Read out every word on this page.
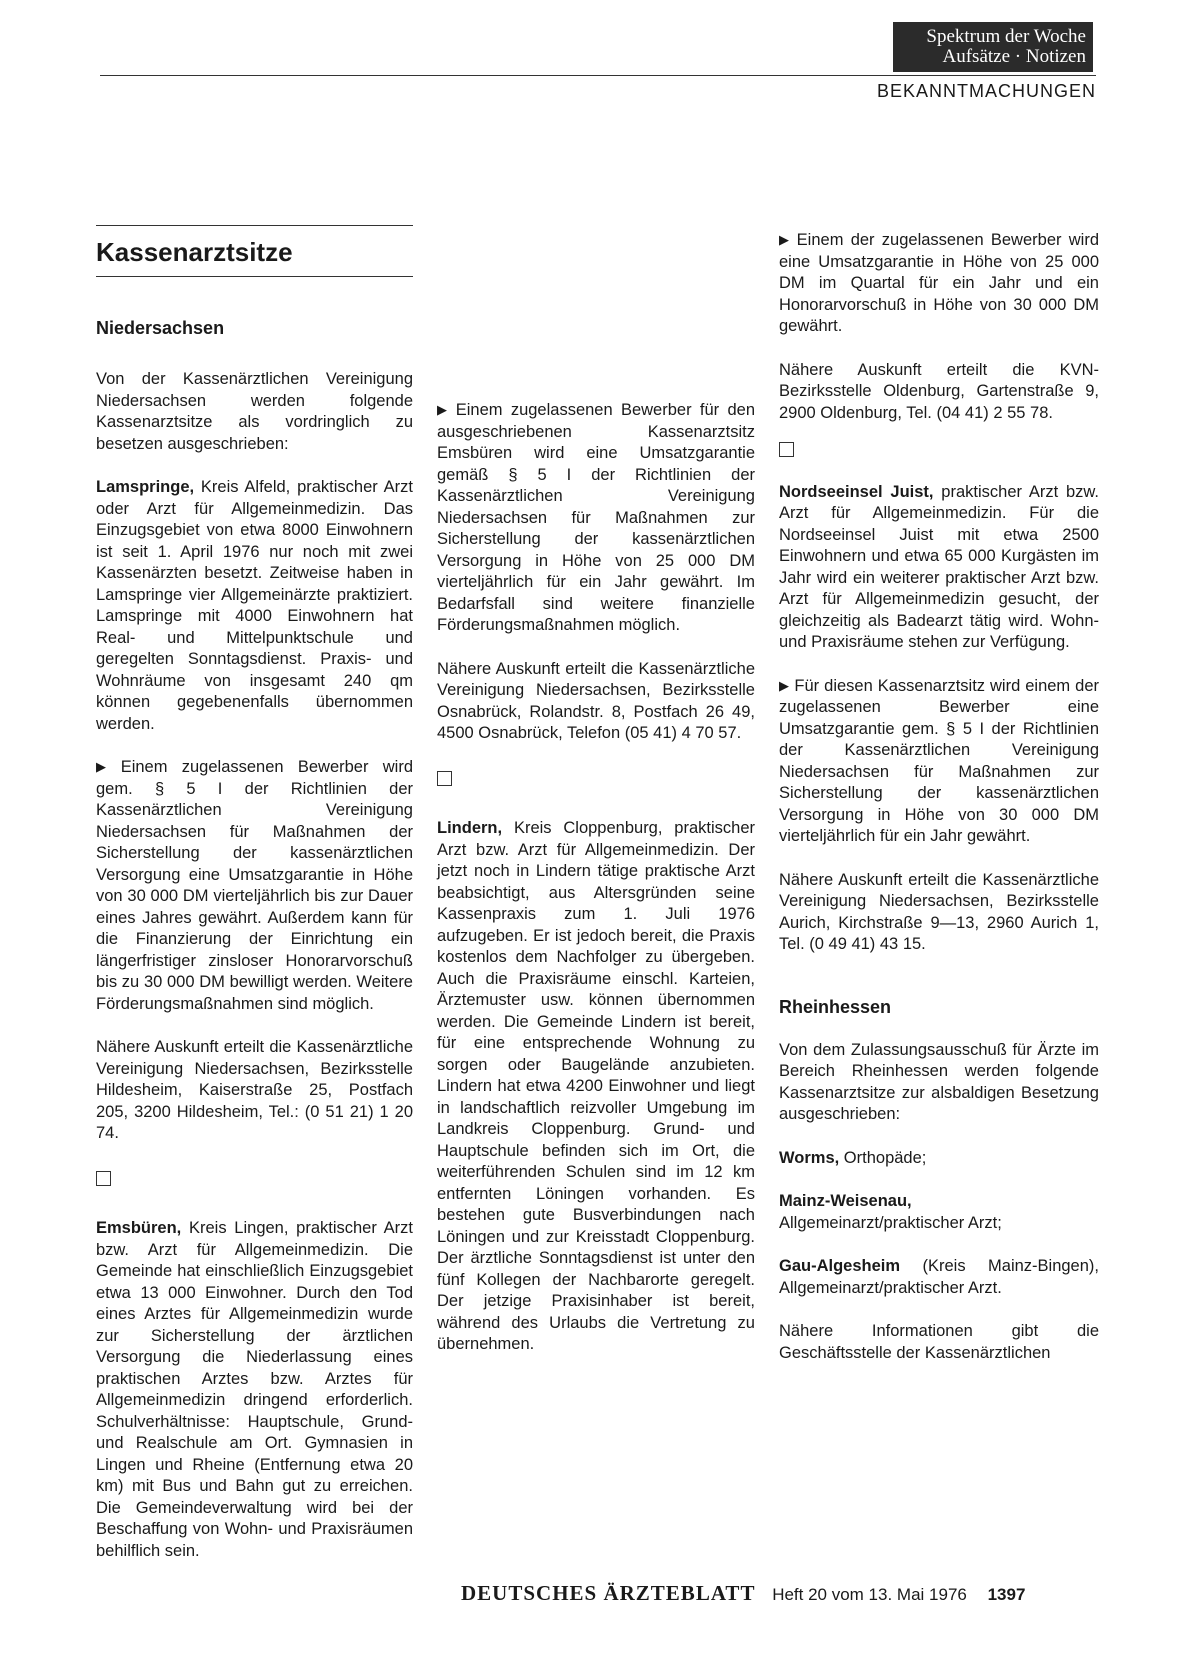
Spektrum der Woche
Aufsätze · Notizen
BEKANNTMACHUNGEN
Kassenarztsitze
Niedersachsen

Von der Kassenärztlichen Vereinigung Niedersachsen werden folgende Kassenarztsitze als vordringlich zu besetzen ausgeschrieben:

Lamspringe, Kreis Alfeld, praktischer Arzt oder Arzt für Allgemeinmedizin. Das Einzugsgebiet von etwa 8000 Einwohnern ist seit 1. April 1976 nur noch mit zwei Kassenärzten besetzt. Zeitweise haben in Lamspringe vier Allgemeinärzte praktiziert. Lamspringe mit 4000 Einwohnern hat Real- und Mittelpunktschule und geregelten Sonntagsdienst. Praxis- und Wohnräume von insgesamt 240 qm können gegebenenfalls übernommen werden.

▶ Einem zugelassenen Bewerber wird gem. § 5 I der Richtlinien der Kassenärztlichen Vereinigung Niedersachsen für Maßnahmen der Sicherstellung der kassenärztlichen Versorgung eine Umsatzgarantie in Höhe von 30 000 DM vierteljährlich bis zur Dauer eines Jahres gewährt. Außerdem kann für die Finanzierung der Einrichtung ein längerfristiger zinsloser Honorarvorschuß bis zu 30 000 DM bewilligt werden. Weitere Förderungsmaßnahmen sind möglich.

Nähere Auskunft erteilt die Kassenärztliche Vereinigung Niedersachsen, Bezirksstelle Hildesheim, Kaiserstraße 25, Postfach 205, 3200 Hildesheim, Tel.: (0 51 21) 1 20 74.

Emsbüren, Kreis Lingen, praktischer Arzt bzw. Arzt für Allgemeinmedizin. Die Gemeinde hat einschließlich Einzugsgebiet etwa 13 000 Einwohner. Durch den Tod eines Arztes für Allgemeinmedizin wurde zur Sicherstellung der ärztlichen Versorgung die Niederlassung eines praktischen Arztes bzw. Arztes für Allgemeinmedizin dringend erforderlich. Schulverhältnisse: Hauptschule, Grund- und Realschule am Ort. Gymnasien in Lingen und Rheine (Entfernung etwa 20 km) mit Bus und Bahn gut zu erreichen. Die Gemeindeverwaltung wird bei der Beschaffung von Wohn- und Praxisräumen behilflich sein.

▶ Einem zugelassenen Bewerber für den ausgeschriebenen Kassenarztsitz Emsbüren wird eine Umsatzgarantie gemäß § 5 I der Richtlinien der Kassenärztlichen Vereinigung Niedersachsen für Maßnahmen zur Sicherstellung der kassenärztlichen Versorgung in Höhe von 25 000 DM vierteljährlich für ein Jahr gewährt. Im Bedarfsfall sind weitere finanzielle Förderungsmaßnahmen möglich.

Nähere Auskunft erteilt die Kassenärztliche Vereinigung Niedersachsen, Bezirksstelle Osnabrück, Rolandstr. 8, Postfach 26 49, 4500 Osnabrück, Telefon (05 41) 4 70 57.

Lindern, Kreis Cloppenburg, praktischer Arzt bzw. Arzt für Allgemeinmedizin. Der jetzt noch in Lindern tätige praktische Arzt beabsichtigt, aus Altersgründen seine Kassenpraxis zum 1. Juli 1976 aufzugeben. Er ist jedoch bereit, die Praxis kostenlos dem Nachfolger zu übergeben. Auch die Praxisräume einschl. Karteien, Ärztemuster usw. können übernommen werden. Die Gemeinde Lindern ist bereit, für eine entsprechende Wohnung zu sorgen oder Baugelände anzubieten. Lindern hat etwa 4200 Einwohner und liegt in landschaftlich reizvoller Umgebung im Landkreis Cloppenburg. Grund- und Hauptschule befinden sich im Ort, die weiterführenden Schulen sind im 12 km entfernten Löningen vorhanden. Es bestehen gute Busverbindungen nach Löningen und zur Kreisstadt Cloppenburg. Der ärztliche Sonntagsdienst ist unter den fünf Kollegen der Nachbarorte geregelt. Der jetzige Praxisinhaber ist bereit, während des Urlaubs die Vertretung zu übernehmen.

▶ Einem der zugelassenen Bewerber wird eine Umsatzgarantie in Höhe von 25 000 DM im Quartal für ein Jahr und ein Honorarvorschuß in Höhe von 30 000 DM gewährt.

Nähere Auskunft erteilt die KVN-Bezirksstelle Oldenburg, Gartenstraße 9, 2900 Oldenburg, Tel. (04 41) 2 55 78.

Nordseeinsel Juist, praktischer Arzt bzw. Arzt für Allgemeinmedizin. Für die Nordseeinsel Juist mit etwa 2500 Einwohnern und etwa 65 000 Kurgästen im Jahr wird ein weiterer praktischer Arzt bzw. Arzt für Allgemeinmedizin gesucht, der gleichzeitig als Badearzt tätig wird. Wohn- und Praxisräume stehen zur Verfügung.

▶ Für diesen Kassenarztsitz wird einem der zugelassenen Bewerber eine Umsatzgarantie gem. § 5 I der Richtlinien der Kassenärztlichen Vereinigung Niedersachsen für Maßnahmen zur Sicherstellung der kassenärztlichen Versorgung in Höhe von 30 000 DM vierteljährlich für ein Jahr gewährt.

Nähere Auskunft erteilt die Kassenärztliche Vereinigung Niedersachsen, Bezirksstelle Aurich, Kirchstraße 9—13, 2960 Aurich 1, Tel. (0 49 41) 43 15.

Rheinhessen

Von dem Zulassungsausschuß für Ärzte im Bereich Rheinhessen werden folgende Kassenarztsitze zur alsbaldigen Besetzung ausgeschrieben:

Worms, Orthopäde;

Mainz-Weisenau, Allgemeinarzt/praktischer Arzt;

Gau-Algesheim (Kreis Mainz-Bingen), Allgemeinarzt/praktischer Arzt.

Nähere Informationen gibt die Geschäftsstelle der Kassenärztlichen

DEUTSCHES ÄRZTEBLATT Heft 20 vom 13. Mai 1976 1397
